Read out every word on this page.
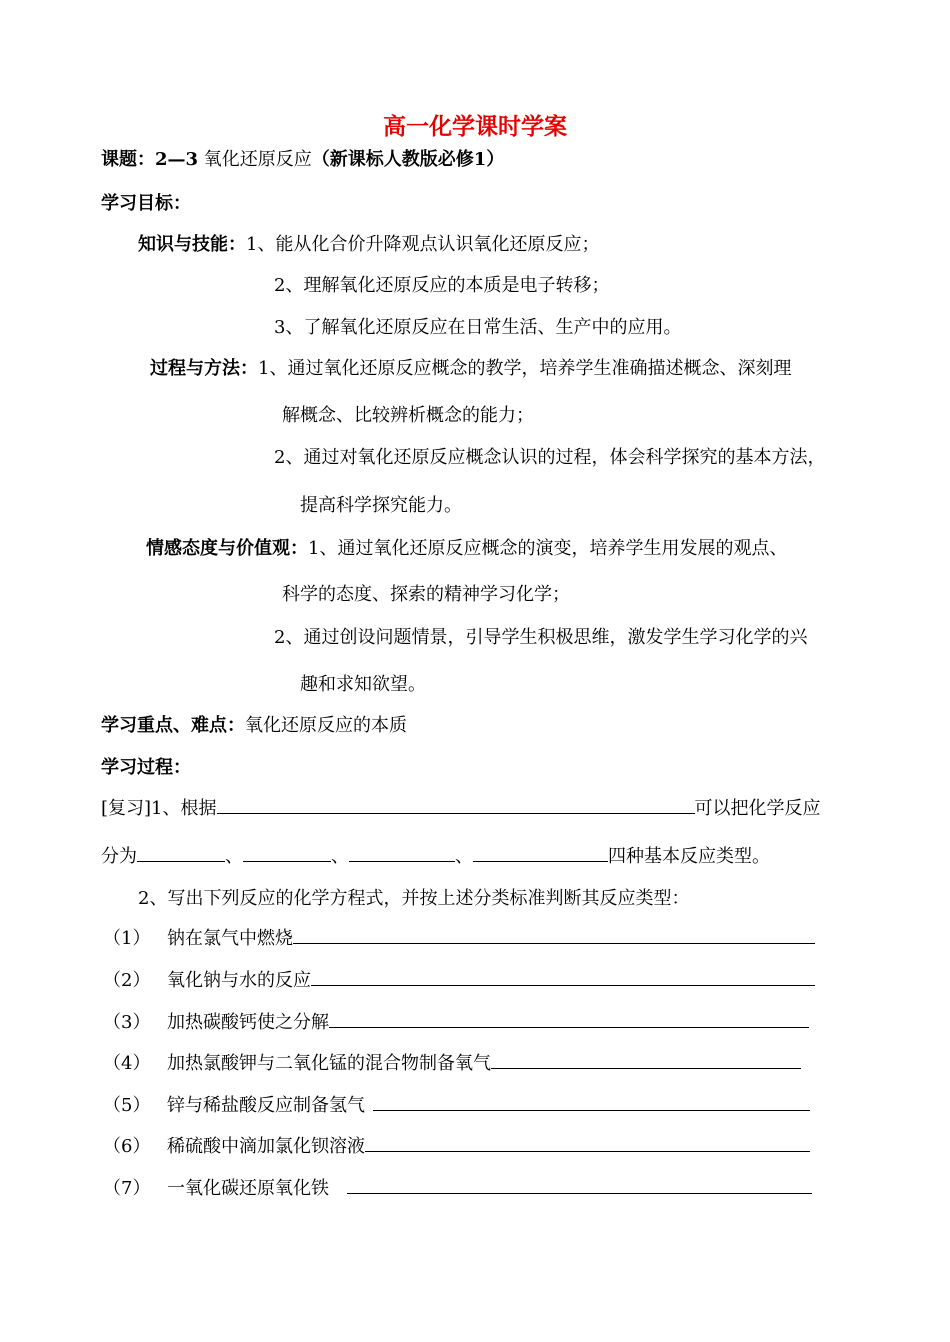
高一化学课时学案
课题：2—3 氧化还原反应（新课标人教版必修1）
学习目标：
知识与技能：1、能从化合价升降观点认识氧化还原反应；
2、理解氧化还原反应的本质是电子转移；
3、了解氧化还原反应在日常生活、生产中的应用。
过程与方法：1、通过氧化还原反应概念的教学，培养学生准确描述概念、深刻理
解概念、比较辨析概念的能力；
2、通过对氧化还原反应概念认识的过程，体会科学探究的基本方法，
提高科学探究能力。
情感态度与价值观：1、通过氧化还原反应概念的演变，培养学生用发展的观点、
科学的态度、探索的精神学习化学；
2、通过创设问题情景，引导学生积极思维，激发学生学习化学的兴
趣和求知欲望。
学习重点、难点：氧化还原反应的本质
学习过程：
[复习]1、根据	可以把化学反应
分为	、	、	、	四种基本反应类型。
2、写出下列反应的化学方程式，并按上述分类标准判断其反应类型：
（1） 钠在氯气中燃烧
（2） 氧化钠与水的反应
（3） 加热碳酸钙使之分解
（4） 加热氯酸钾与二氧化锰的混合物制备氧气
（5） 锌与稀盐酸反应制备氢气
（6） 稀硫酸中滴加氯化钡溶液
（7） 一氧化碳还原氧化铁
